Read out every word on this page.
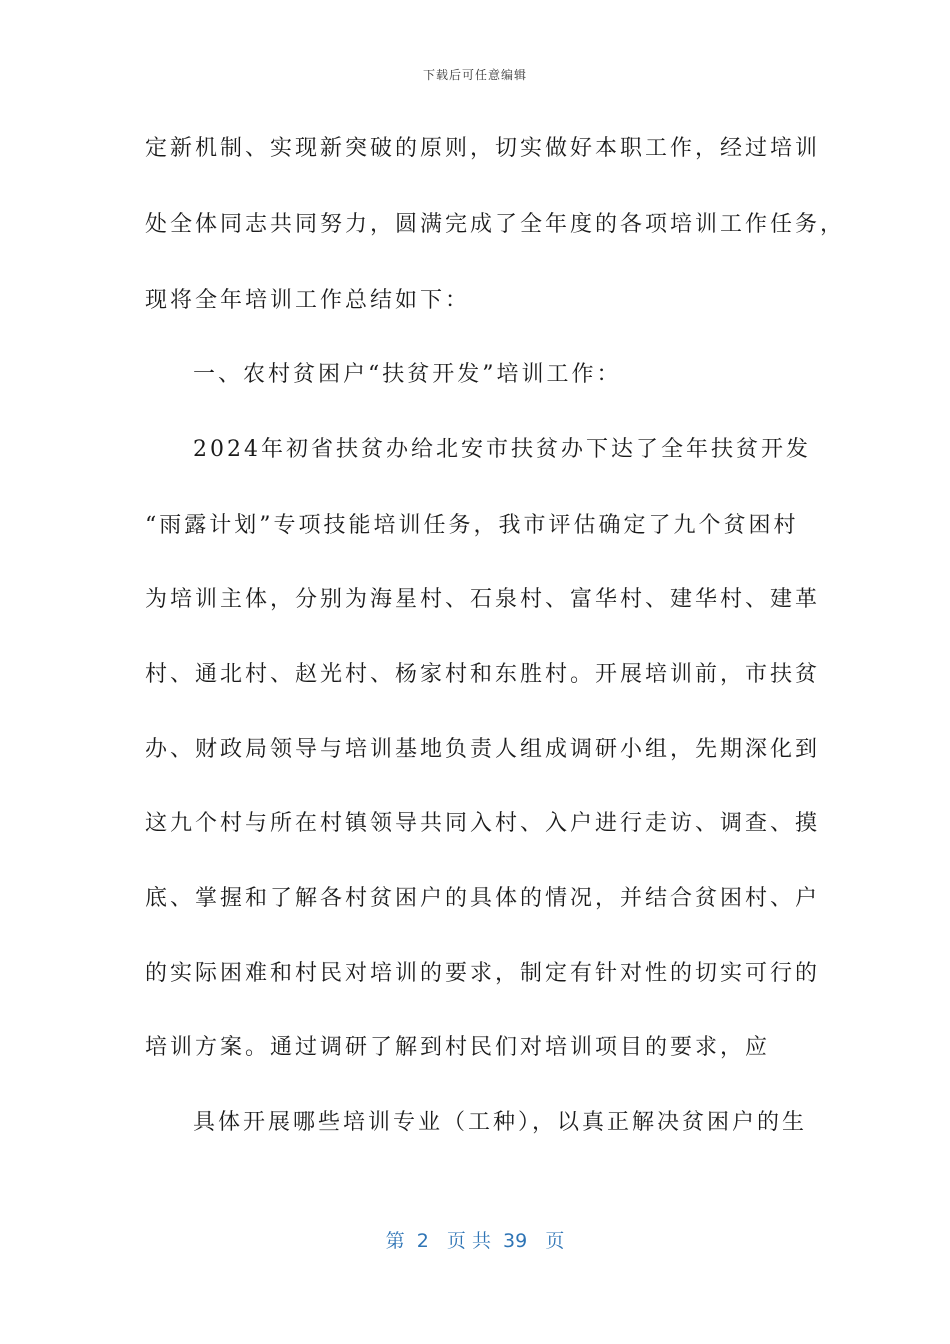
下载后可任意编辑
定新机制、实现新突破的原则，切实做好本职工作，经过培训
处全体同志共同努力，圆满完成了全年度的各项培训工作任务，
现将全年培训工作总结如下：
一、农村贫困户“扶贫开发”培训工作：
2024年初省扶贫办给北安市扶贫办下达了全年扶贫开发
“雨露计划”专项技能培训任务，我市评估确定了九个贫困村
为培训主体，分别为海星村、石泉村、富华村、建华村、建革
村、通北村、赵光村、杨家村和东胜村。开展培训前，市扶贫
办、财政局领导与培训基地负责人组成调研小组，先期深化到
这九个村与所在村镇领导共同入村、入户进行走访、调查、摸
底、掌握和了解各村贫困户的具体的情况，并结合贫困村、户
的实际困难和村民对培训的要求，制定有针对性的切实可行的
培训方案。通过调研了解到村民们对培训项目的要求，应
具体开展哪些培训专业（工种），以真正解决贫困户的生
第  2   页 共  39   页
